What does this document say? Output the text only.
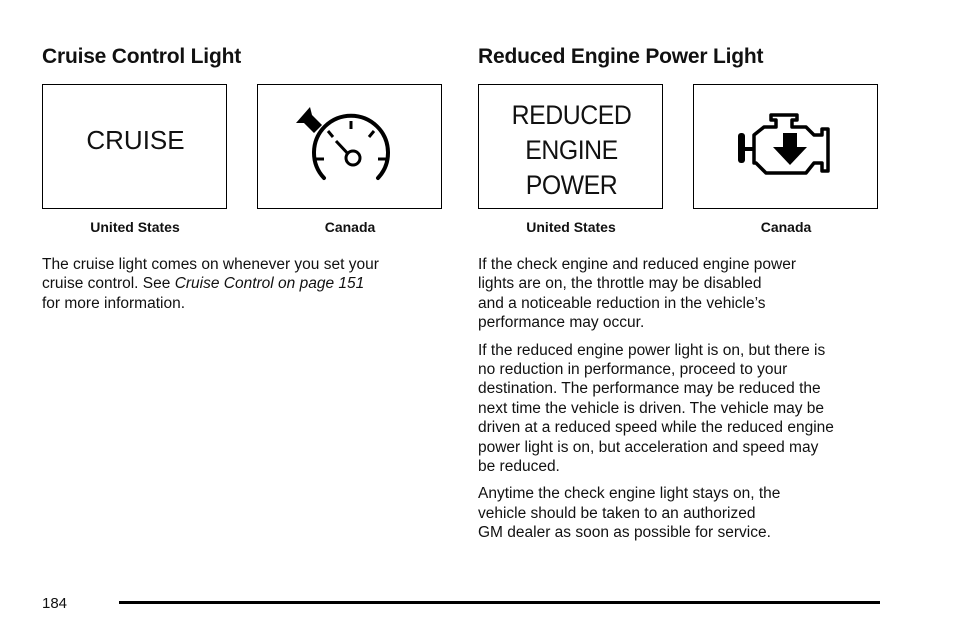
Cruise Control Light
CRUISE
United States	Canada

The cruise light comes on whenever you set your
cruise control. See Cruise Control on page 151
for more information.

Reduced Engine Power Light
REDUCED
ENGINE
POWER
United States	Canada

If the check engine and reduced engine power
lights are on, the throttle may be disabled
and a noticeable reduction in the vehicle’s
performance may occur.

If the reduced engine power light is on, but there is
no reduction in performance, proceed to your
destination. The performance may be reduced the
next time the vehicle is driven. The vehicle may be
driven at a reduced speed while the reduced engine
power light is on, but acceleration and speed may
be reduced.

Anytime the check engine light stays on, the
vehicle should be taken to an authorized
GM dealer as soon as possible for service.

184
